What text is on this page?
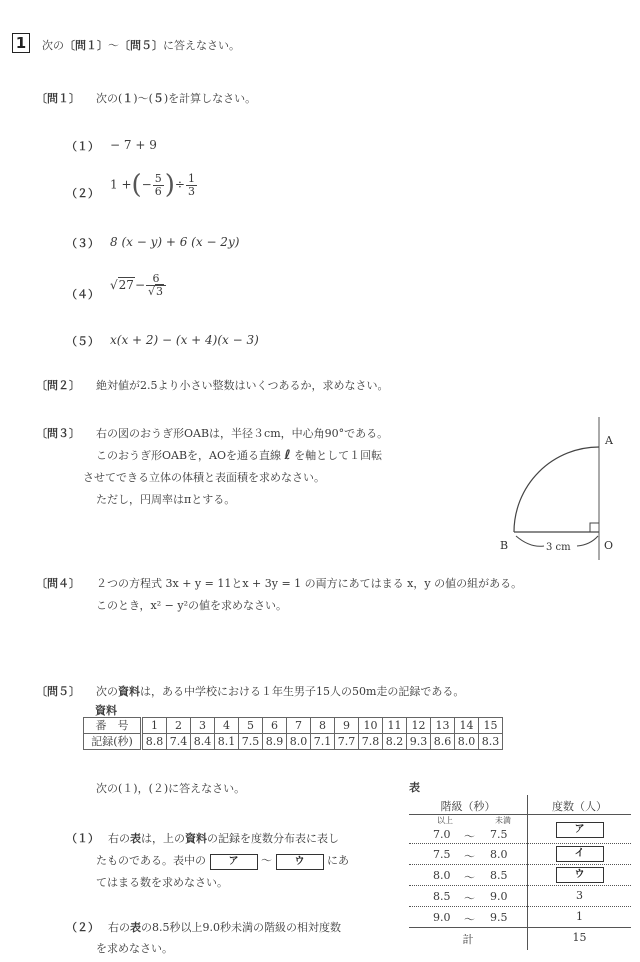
1	次の〔問１〕～〔問５〕に答えなさい。
〔問１〕 次の(１)～(５)を計算しなさい。
（１） − 7 + 9
（２）
1 +(− $\frac{5}{6}$ )÷ $\frac{1}{3}$
（３） 8 (x − y) + 6 (x − 2y)
（４）
$√27- \frac{6}{√3}$
（５） x(x + 2) − (x + 4)(x − 3)
〔問２〕 絶対値が2.5より小さい整数はいくつあるか，求めなさい。
〔問３〕 右の図のおうぎ形OABは，半径３cm，中心角90°である。
このおうぎ形OABを，AOを通る直線 ℓ を軸として１回転
させてできる立体の体積と表面積を求めなさい。
ただし，円周率はπとする。
A
B	O
3 cm
〔問４〕 ２つの方程式 3x + y = 11とx + 3y = 1 の両方にあてはまる x，y の値の組がある。
このとき，x² − y²の値を求めなさい。
〔問５〕 次の資料は，ある中学校における１年生男子15人の50m走の記録である。
資料
番　号	1	2	3	4	5	6	7	8	9	10	11	12	13	14	15
記録(秒)	8.8	7.4	8.4	8.1	7.5	8.9	8.0	7.1	7.7	7.8	8.2	9.3	8.6	8.0	8.3
次の(１)，(２)に答えなさい。
（１） 右の表は，上の資料の記録を度数分布表に表し
たものである。表中の ア ～ ウ にあ
てはまる数を求めなさい。
（２） 右の表の8.5秒以上9.0秒未満の階級の相対度数
を求めなさい。
表
階級（秒）	度数（人）
以上	未満
7.0 ～ 7.5	ア
7.5 ～ 8.0	イ
8.0 ～ 8.5	ウ
8.5 ～ 9.0	3
9.0 ～ 9.5	1
計	15
